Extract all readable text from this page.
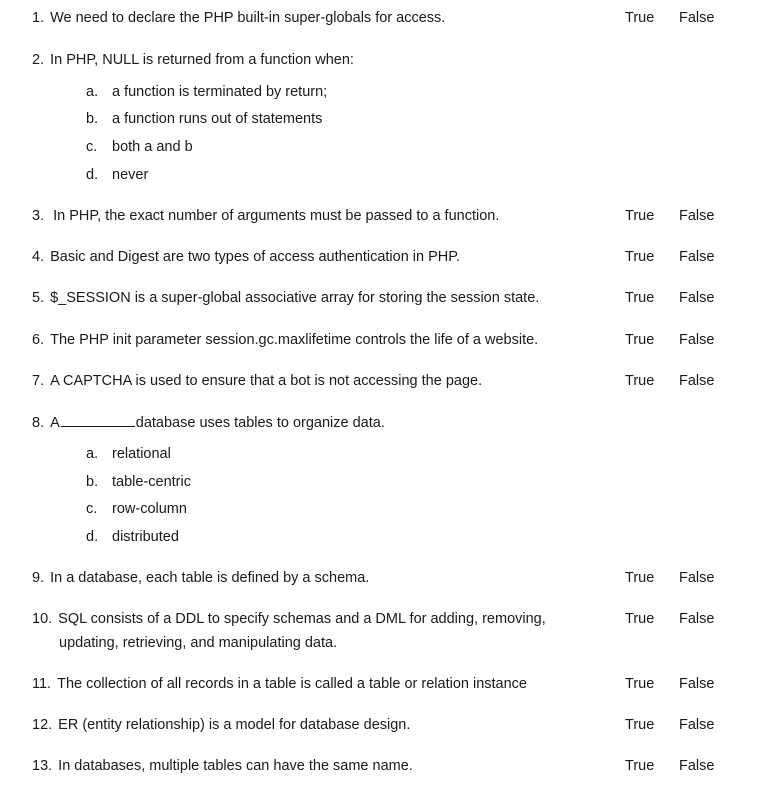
1. We need to declare the PHP built-in super-globals for access.	True False
2. In PHP, NULL is returned from a function when:
a. a function is terminated by return;
b. a function runs out of statements
c. both a and b
d. never
3. In PHP, the exact number of arguments must be passed to a function.	True False
4. Basic and Digest are two types of access authentication in PHP.	True False
5. $_SESSION is a super-global associative array for storing the session state.	True False
6. The PHP init parameter session.gc.maxlifetime controls the life of a website.	True False
7. A CAPTCHA is used to ensure that a bot is not accessing the page.	True False
8. A	database uses tables to organize data.
a. relational
b. table-centric
c. row-column
d. distributed
9. In a database, each table is defined by a schema.	True False
10. SQL consists of a DDL to specify schemas and a DML for adding, removing,
updating, retrieving, and manipulating data.
True False
11. The collection of all records in a table is called a table or relation instance	True False
12. ER (entity relationship) is a model for database design.	True False
13. In databases, multiple tables can have the same name.	True False
